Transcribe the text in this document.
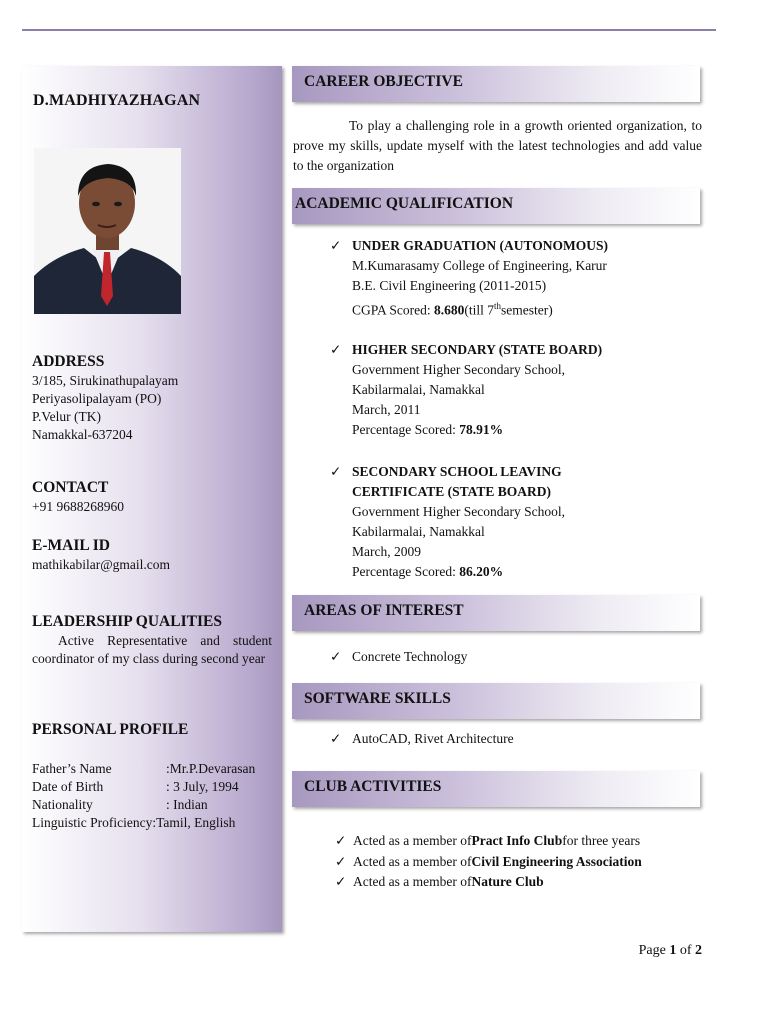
D.MADHIYAZHAGAN
ADDRESS
3/185, Sirukinathupalayam
Periyasolipalayam (PO)
P.Velur (TK)
Namakkal-637204
CONTACT
+91 9688268960
E-MAIL ID
mathikabilar@gmail.com
LEADERSHIP QUALITIES
Active Representative and student coordinator of my class during second year
PERSONAL PROFILE
Father’s Name	:Mr.P.Devarasan
Date of Birth	: 3 July, 1994
Nationality	: Indian
Linguistic Proficiency: Tamil, English
CAREER OBJECTIVE
To play a challenging role in a growth oriented organization, to prove my skills, update myself with the latest technologies and add value to the organization
ACADEMIC QUALIFICATION
✓ UNDER GRADUATION (AUTONOMOUS)
M.Kumarasamy College of Engineering, Karur
B.E. Civil Engineering (2011-2015)
CGPA Scored: 8.680(till 7thsemester)
✓ HIGHER SECONDARY (STATE BOARD)
Government Higher Secondary School,
Kabilarmalai, Namakkal
March, 2011
Percentage Scored: 78.91%
✓ SECONDARY SCHOOL LEAVING
CERTIFICATE (STATE BOARD)
Government Higher Secondary School,
Kabilarmalai, Namakkal
March, 2009
Percentage Scored: 86.20%
AREAS OF INTEREST
✓ Concrete Technology
SOFTWARE SKILLS
✓ AutoCAD, Rivet Architecture
CLUB ACTIVITIES
✓ Acted as a member of Pract Info Club for three years
✓ Acted as a member of Civil Engineering Association
✓ Acted as a member of Nature Club
Page 1 of 2
